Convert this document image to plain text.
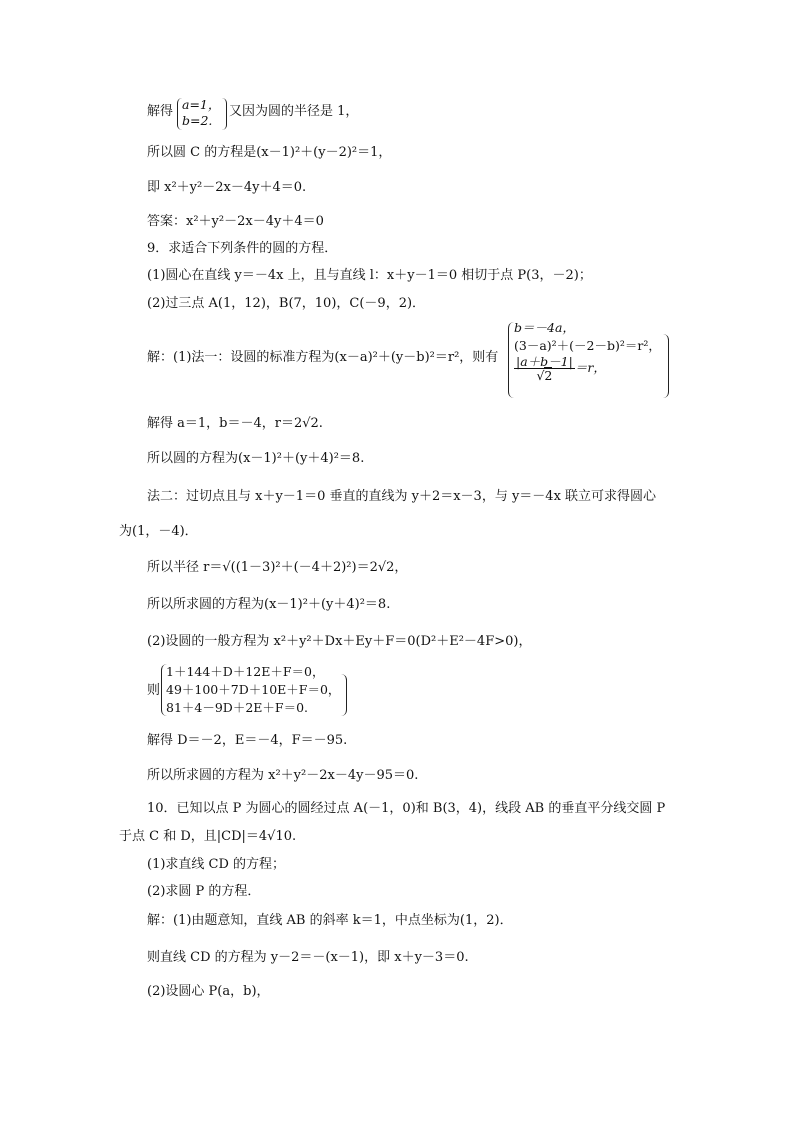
解得 a=1，
b=2.
又因为圆的半径是 1，
所以圆 C 的方程是(x－1)²＋(y－2)²＝1，
即 x²＋y²－2x－4y＋4＝0.
答案：x²＋y²－2x－4y＋4＝0
9．求适合下列条件的圆的方程．
(1)圆心在直线 y＝－4x 上，且与直线 l：x＋y－1＝0 相切于点 P(3，－2)；
(2)过三点 A(1，12)，B(7，10)，C(－9，2)．
解：(1)法一：设圆的标准方程为(x－a)²＋(y－b)²＝r²，则有
b＝－4a，
(3－a)²＋(－2－b)²＝r²，
$\frac{|a+b-1|}{√2} =r$，
解得 a＝1，b＝－4，r＝2√2.
所以圆的方程为(x－1)²＋(y＋4)²＝8.
法二：过切点且与 x＋y－1＝0 垂直的直线为 y＋2＝x－3，与 y＝－4x 联立可求得圆心
为(1，－4)．
所以半径 r＝√((1－3)²＋(－4＋2)²)＝2√2，
所以所求圆的方程为(x－1)²＋(y＋4)²＝8.
(2)设圆的一般方程为 x²＋y²＋Dx＋Ey＋F＝0(D²＋E²－4F>0)，
则
1＋144＋D＋12E＋F＝0，
49＋100＋7D＋10E＋F＝0，
81＋4－9D＋2E＋F＝0.
解得 D＝－2，E＝－4，F＝－95.
所以所求圆的方程为 x²＋y²－2x－4y－95＝0.
10．已知以点 P 为圆心的圆经过点 A(－1，0)和 B(3，4)，线段 AB 的垂直平分线交圆 P
于点 C 和 D，且|CD|＝4√10.
(1)求直线 CD 的方程；
(2)求圆 P 的方程．
解：(1)由题意知，直线 AB 的斜率 k＝1，中点坐标为(1，2)．
则直线 CD 的方程为 y－2＝－(x－1)，即 x＋y－3＝0.
(2)设圆心 P(a，b)，
